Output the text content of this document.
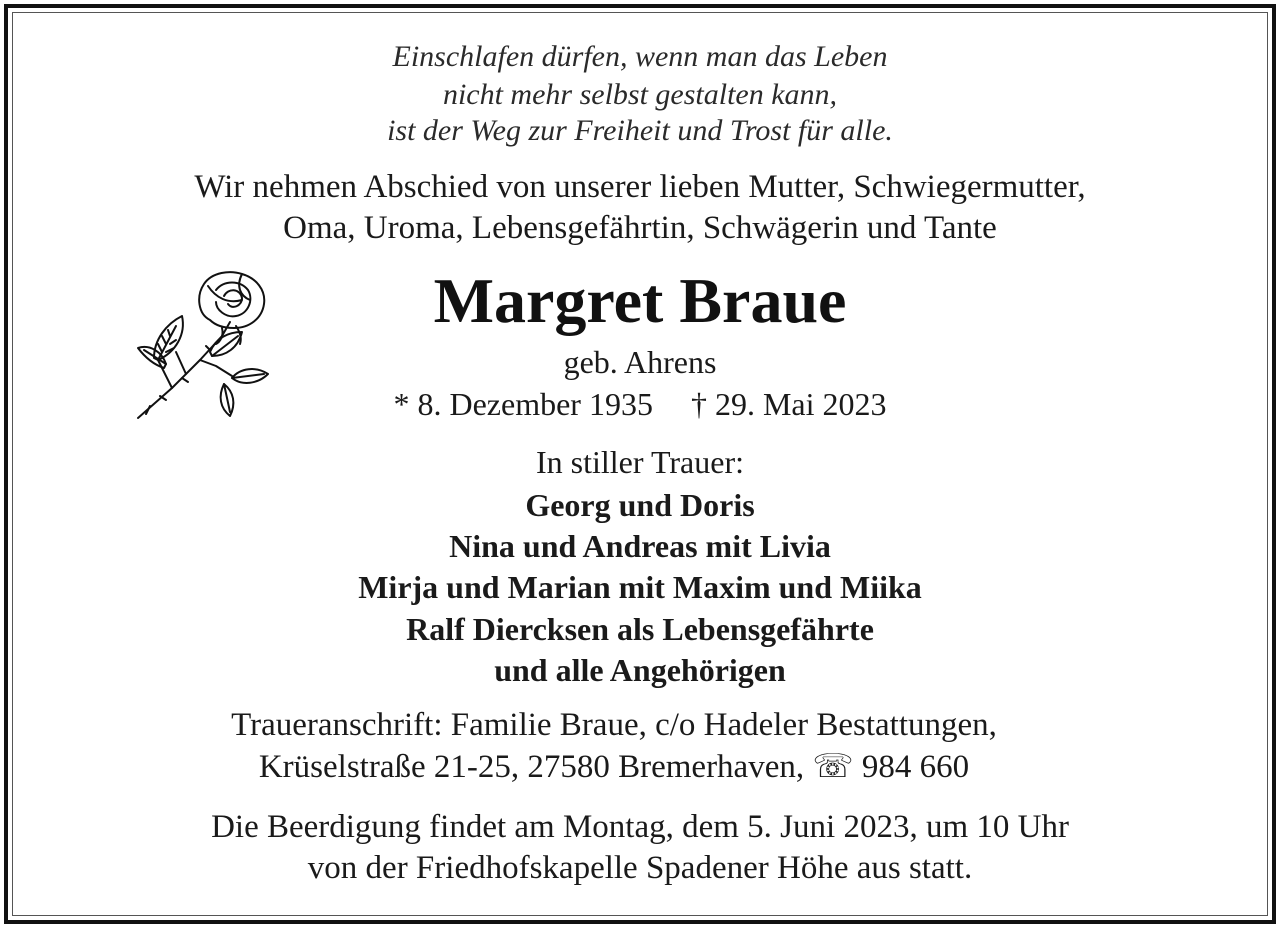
Einschlafen dürfen, wenn man das Leben
nicht mehr selbst gestalten kann,
ist der Weg zur Freiheit und Trost für alle.
Wir nehmen Abschied von unserer lieben Mutter, Schwiegermutter,
Oma, Uroma, Lebensgefährtin, Schwägerin und Tante
Margret Braue
geb. Ahrens
* 8. Dezember 1935 † 29. Mai 2023
In stiller Trauer:
Georg und Doris
Nina und Andreas mit Livia
Mirja und Marian mit Maxim und Miika
Ralf Diercksen als Lebensgefährte
und alle Angehörigen
Traueranschrift: Familie Braue, c/o Hadeler Bestattungen,
Krüselstraße 21-25, 27580 Bremerhaven, ☏ 984 660
Die Beerdigung findet am Montag, dem 5. Juni 2023, um 10 Uhr
von der Friedhofskapelle Spadener Höhe aus statt.
